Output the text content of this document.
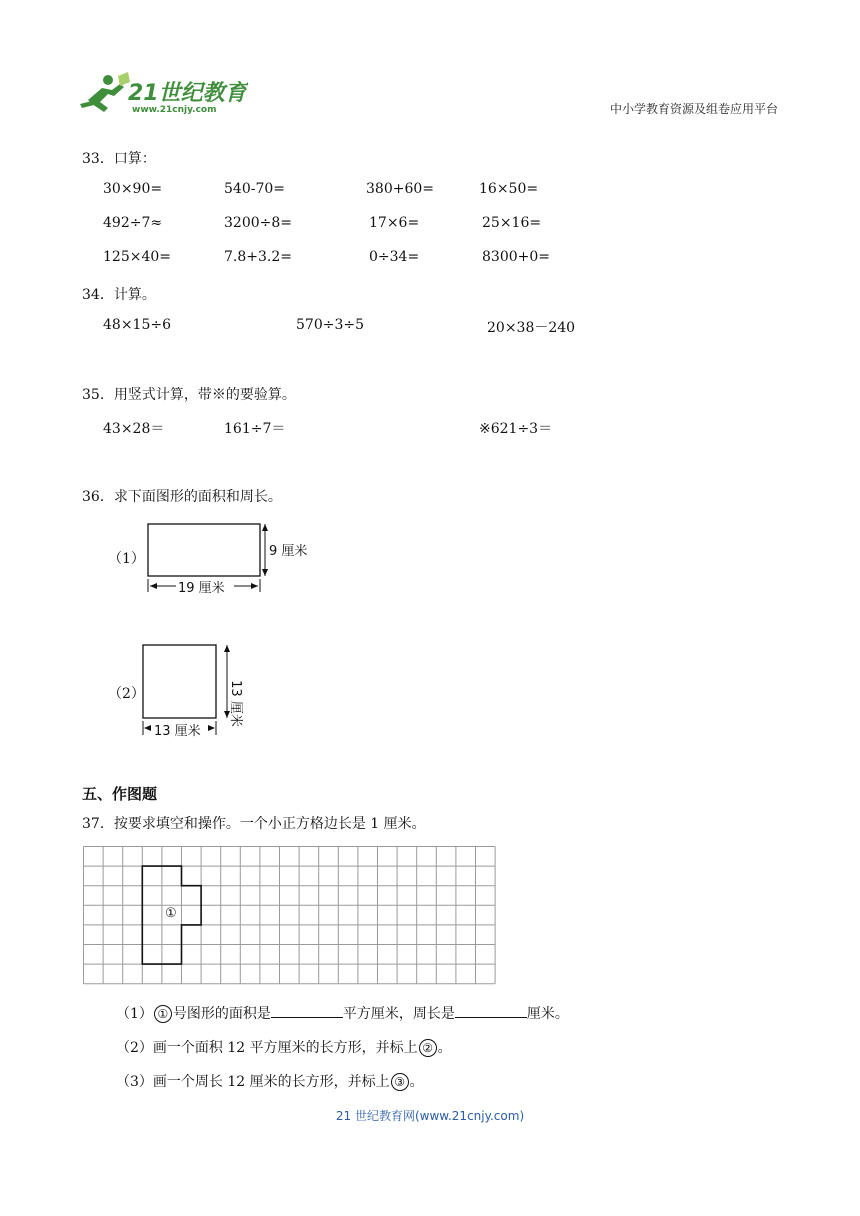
21世纪教育
www.21cnjy.com	中小学教育资源及组卷应用平台
33．口算：
30×90=	540-70=	380+60=	16×50=
492÷7≈	3200÷8=	17×6=	25×16=
125×40=	7.8+3.2=	0÷34=	8300+0=
34．计算。
48×15÷6	570÷3÷5	20×38－240
35．用竖式计算，带※的要验算。
43×28＝	161÷7＝	※621÷3＝
36．求下面图形的面积和周长。
（1）	9 厘米
19 厘米
（2）	13 厘米
13 厘米
五、作图题
37．按要求填空和操作。一个小正方格边长是 1 厘米。
①
（1） ① 号图形的面积是	平方厘米，周长是	厘米。
（2）画一个面积 12 平方厘米的长方形，并标上 ② 。
（3）画一个周长 12 厘米的长方形，并标上 ③ 。
21 世纪教育网(www.21cnjy.com)
